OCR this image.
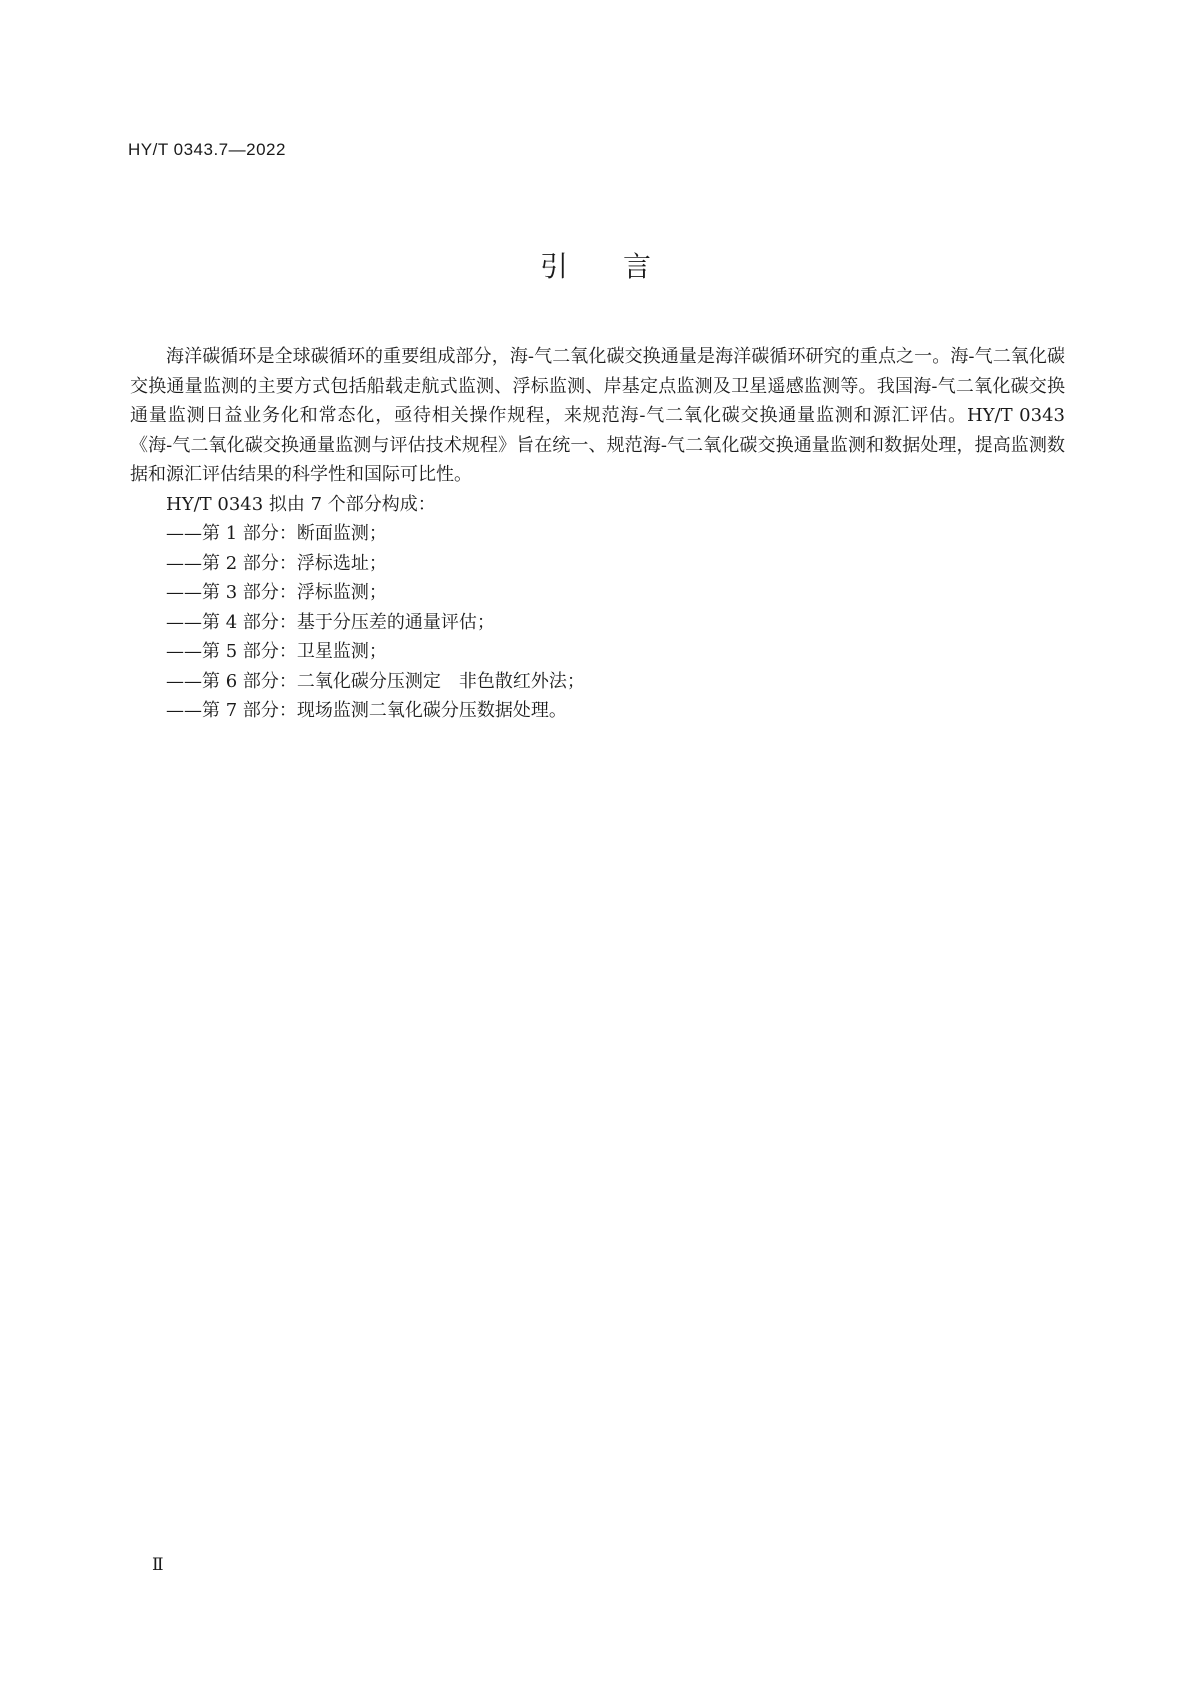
HY/T 0343.7—2022
引言

海洋碳循环是全球碳循环的重要组成部分，海-气二氧化碳交换通量是海洋碳循环研究的重点之一。海-气二氧化碳交换通量监测的主要方式包括船载走航式监测、浮标监测、岸基定点监测及卫星遥感监测等。我国海-气二氧化碳交换通量监测日益业务化和常态化，亟待相关操作规程，来规范海-气二氧化碳交换通量监测和源汇评估。HY/T 0343《海-气二氧化碳交换通量监测与评估技术规程》旨在统一、规范海-气二氧化碳交换通量监测和数据处理，提高监测数据和源汇评估结果的科学性和国际可比性。

HY/T 0343 拟由 7 个部分构成：

——第 1 部分：断面监测；
——第 2 部分：浮标选址；
——第 3 部分：浮标监测；
——第 4 部分：基于分压差的通量评估；
——第 5 部分：卫星监测；
——第 6 部分：二氧化碳分压测定　非色散红外法；
——第 7 部分：现场监测二氧化碳分压数据处理。
Ⅱ
